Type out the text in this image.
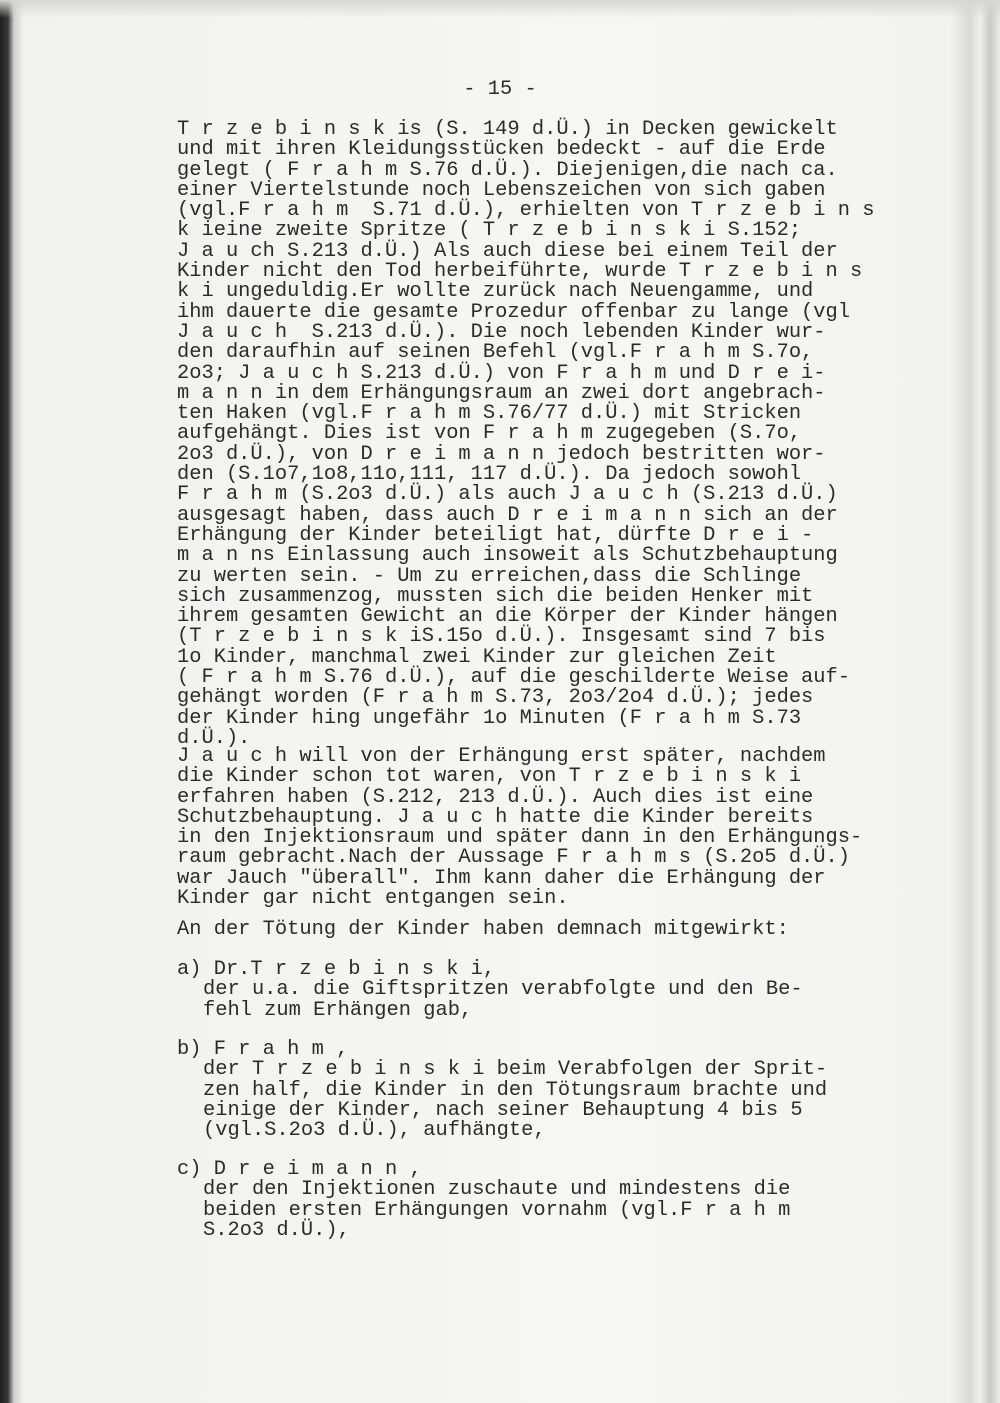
- 15 -
T r z e b i n s k is (S. 149 d.Ü.) in Decken gewickelt
und mit ihren Kleidungsstücken bedeckt - auf die Erde
gelegt ( F r a h m S.76 d.Ü.). Diejenigen,die nach ca.
einer Viertelstunde noch Lebenszeichen von sich gaben
(vgl.F r a h m  S.71 d.Ü.), erhielten von T r z e b i n s
k ieine zweite Spritze ( T r z e b i n s k i S.152;
J a u ch S.213 d.Ü.) Als auch diese bei einem Teil der
Kinder nicht den Tod herbeiführte, wurde T r z e b i n s
k i ungeduldig.Er wollte zurück nach Neuengamme, und
ihm dauerte die gesamte Prozedur offenbar zu lange (vgl
J a u c h  S.213 d.Ü.). Die noch lebenden Kinder wur-
den daraufhin auf seinen Befehl (vgl.F r a h m S.7o,
2o3; J a u c h S.213 d.Ü.) von F r a h m und D r e i-
m a n n in dem Erhängungsraum an zwei dort angebrach-
ten Haken (vgl.F r a h m S.76/77 d.Ü.) mit Stricken
aufgehängt. Dies ist von F r a h m zugegeben (S.7o,
2o3 d.Ü.), von D r e i m a n n jedoch bestritten wor-
den (S.1o7,1o8,11o,111, 117 d.Ü.). Da jedoch sowohl
F r a h m (S.2o3 d.Ü.) als auch J a u c h (S.213 d.Ü.)
ausgesagt haben, dass auch D r e i m a n n sich an der
Erhängung der Kinder beteiligt hat, dürfte D r e i -
m a n ns Einlassung auch insoweit als Schutzbehauptung
zu werten sein. - Um zu erreichen,dass die Schlinge
sich zusammenzog, mussten sich die beiden Henker mit
ihrem gesamten Gewicht an die Körper der Kinder hängen
(T r z e b i n s k iS.15o d.Ü.). Insgesamt sind 7 bis
1o Kinder, manchmal zwei Kinder zur gleichen Zeit
( F r a h m S.76 d.Ü.), auf die geschilderte Weise auf-
gehängt worden (F r a h m S.73, 2o3/2o4 d.Ü.); jedes
der Kinder hing ungefähr 1o Minuten (F r a h m S.73
d.Ü.).
J a u c h will von der Erhängung erst später, nachdem
die Kinder schon tot waren, von T r z e b i n s k i
erfahren haben (S.212, 213 d.Ü.). Auch dies ist eine
Schutzbehauptung. J a u c h hatte die Kinder bereits
in den Injektionsraum und später dann in den Erhängungs-
raum gebracht.Nach der Aussage F r a h m s (S.2o5 d.Ü.)
war Jauch "überall". Ihm kann daher die Erhängung der
Kinder gar nicht entgangen sein.
An der Tötung der Kinder haben demnach mitgewirkt:
a) Dr.T r z e b i n s k i,
der u.a. die Giftspritzen verabfolgte und den Be-
fehl zum Erhängen gab,
b) F r a h m ,
der T r z e b i n s k i beim Verabfolgen der Sprit-
zen half, die Kinder in den Tötungsraum brachte und
einige der Kinder, nach seiner Behauptung 4 bis 5
(vgl.S.2o3 d.Ü.), aufhängte,
c) D r e i m a n n ,
der den Injektionen zuschaute und mindestens die
beiden ersten Erhängungen vornahm (vgl.F r a h m
S.2o3 d.Ü.),
